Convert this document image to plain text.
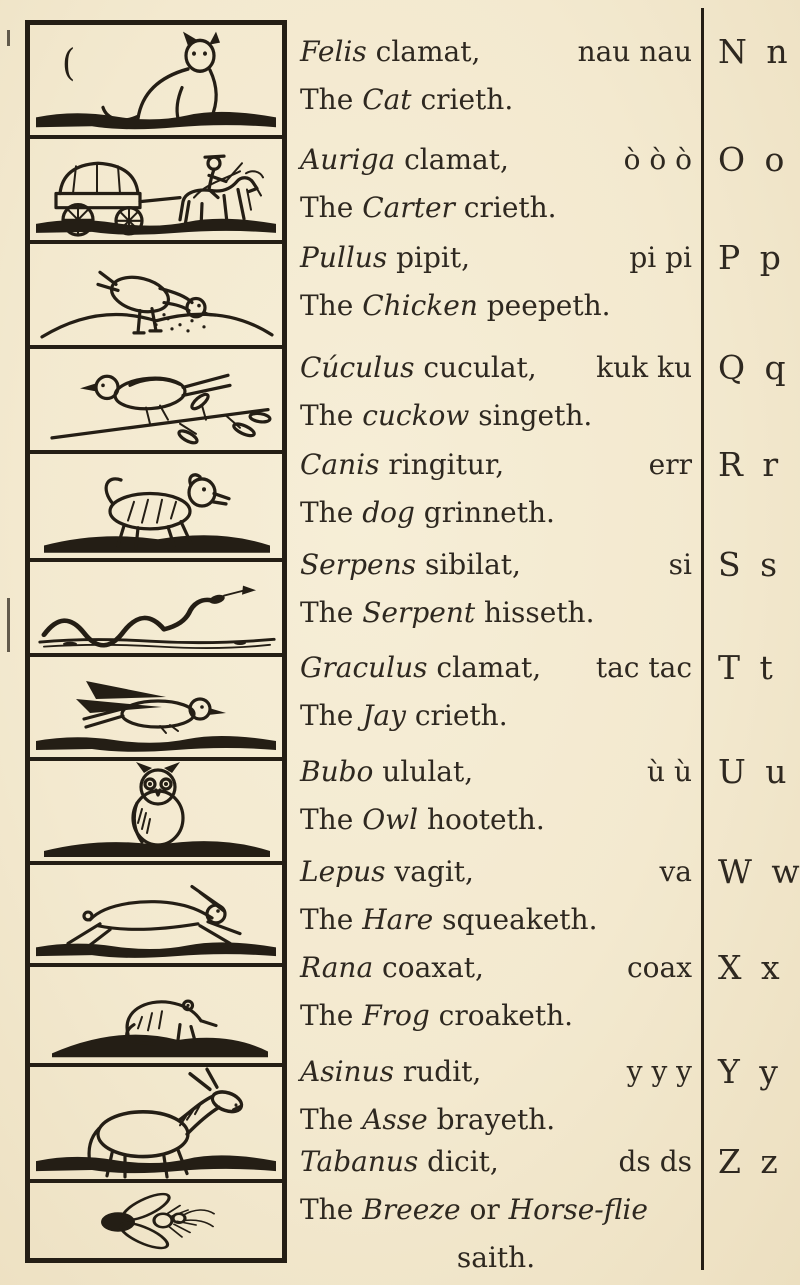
(	Felis clamat,	nau nau
The Cat crieth.
N n
Auriga clamat,	ò ò ò
The Carter crieth.
O o
Pullus pipit,	pi pi
The Chicken peepeth.
P p
Cúculus cuculat, kuk ku
The cuckow singeth.
Q q
Canis ringitur,	err
The dog grinneth.
R r
Serpens sibilat,	si
The Serpent hisseth.
S s
Graculus clamat, tac tac
The Jay crieth.
T t
Bubo ululat,	ù ù
The Owl hooteth.
U u
Lepus vagit,	va
The Hare squeaketh.
W w
Rana coaxat,	coax
The Frog croaketh.
X x
Asinus rudit,	y y y
The Asse brayeth.
Y y
Tabanus dicit,	ds ds
The Breeze or Horse-flie
saith.
Z z
